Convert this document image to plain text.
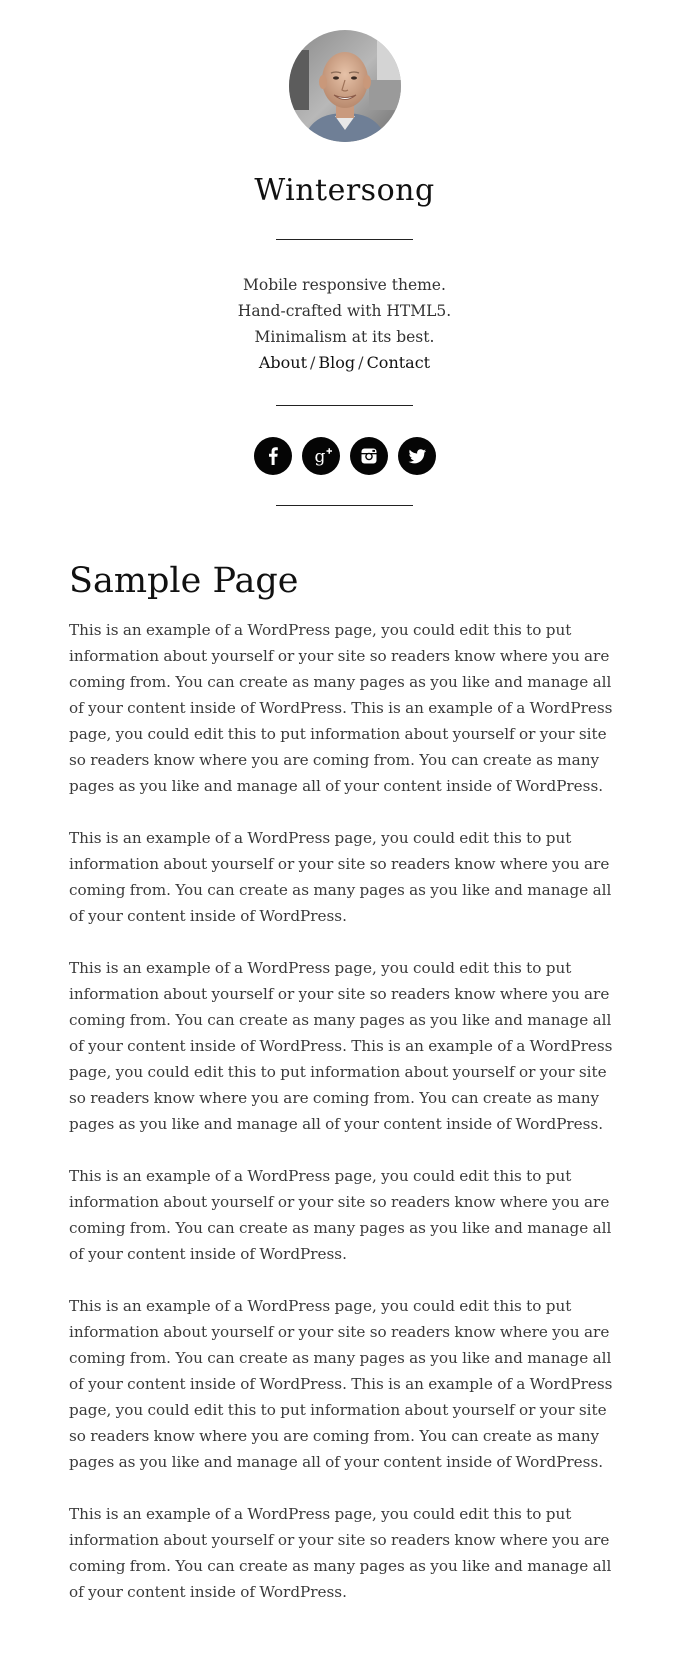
Wintersong
Mobile responsive theme.
Hand-crafted with HTML5.
Minimalism at its best.
About / Blog / Contact
g
Sample Page

This is an example of a WordPress page, you could edit this to put information about yourself or your site so readers know where you are coming from. You can create as many pages as you like and manage all of your content inside of WordPress. This is an example of a WordPress page, you could edit this to put information about yourself or your site so readers know where you are coming from. You can create as many pages as you like and manage all of your content inside of WordPress.

This is an example of a WordPress page, you could edit this to put information about yourself or your site so readers know where you are coming from. You can create as many pages as you like and manage all of your content inside of WordPress.

This is an example of a WordPress page, you could edit this to put information about yourself or your site so readers know where you are coming from. You can create as many pages as you like and manage all of your content inside of WordPress. This is an example of a WordPress page, you could edit this to put information about yourself or your site so readers know where you are coming from. You can create as many pages as you like and manage all of your content inside of WordPress.

This is an example of a WordPress page, you could edit this to put information about yourself or your site so readers know where you are coming from. You can create as many pages as you like and manage all of your content inside of WordPress.

This is an example of a WordPress page, you could edit this to put information about yourself or your site so readers know where you are coming from. You can create as many pages as you like and manage all of your content inside of WordPress. This is an example of a WordPress page, you could edit this to put information about yourself or your site so readers know where you are coming from. You can create as many pages as you like and manage all of your content inside of WordPress.

This is an example of a WordPress page, you could edit this to put information about yourself or your site so readers know where you are coming from. You can create as many pages as you like and manage all of your content inside of WordPress.
